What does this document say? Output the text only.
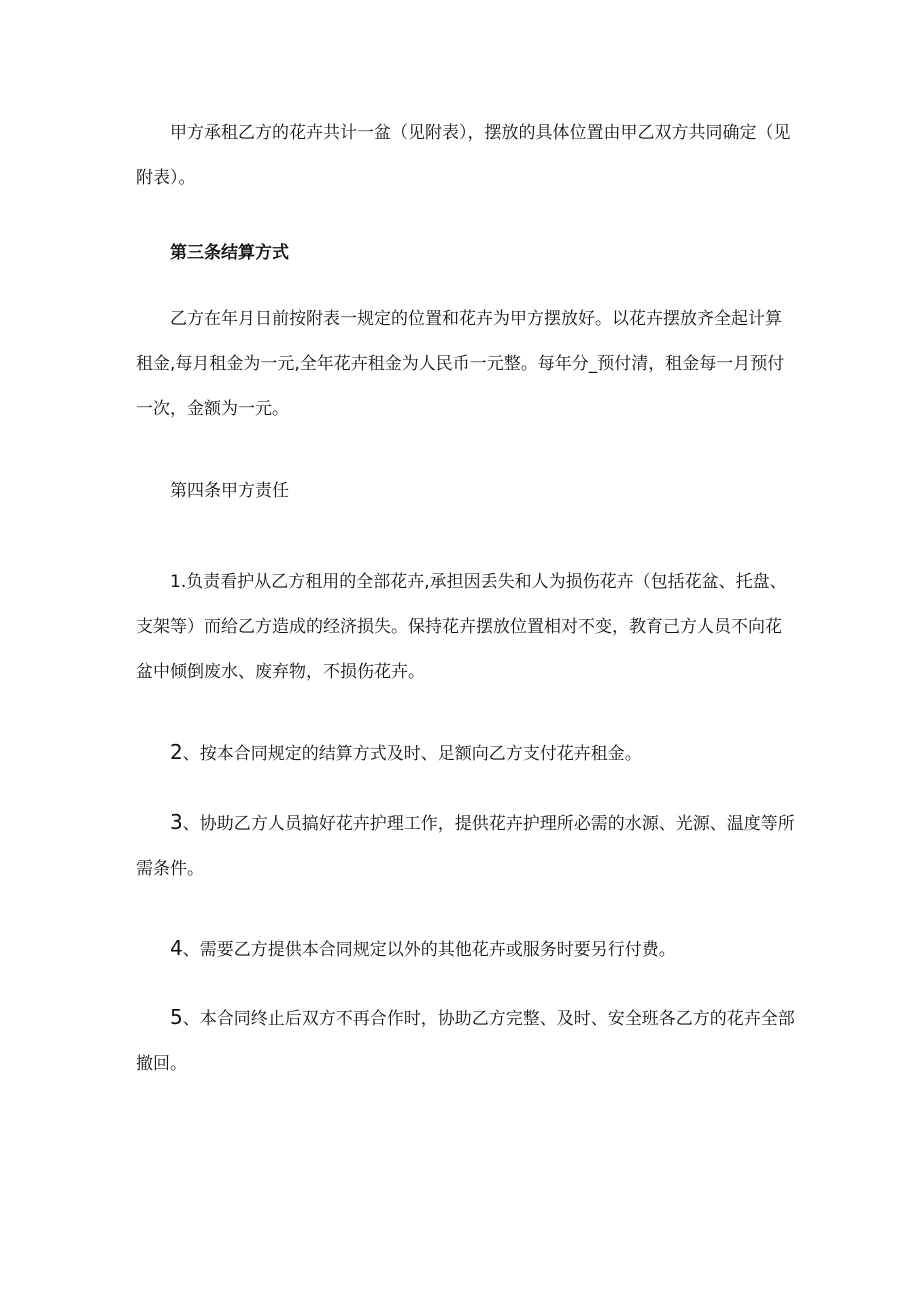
甲方承租乙方的花卉共计一盆（见附表），摆放的具体位置由甲乙双方共同确定（见附表）。
第三条结算方式
乙方在年月日前按附表一规定的位置和花卉为甲方摆放好。以花卉摆放齐全起计算租金,每月租金为一元,全年花卉租金为人民币一元整。每年分_预付清，租金每一月预付一次，金额为一元。
第四条甲方责任
1.负责看护从乙方租用的全部花卉,承担因丢失和人为损伤花卉（包括花盆、托盘、支架等）而给乙方造成的经济损失。保持花卉摆放位置相对不变，教育己方人员不向花盆中倾倒废水、废弃物，不损伤花卉。
2、按本合同规定的结算方式及时、足额向乙方支付花卉租金。
3、协助乙方人员搞好花卉护理工作，提供花卉护理所必需的水源、光源、温度等所需条件。
4、需要乙方提供本合同规定以外的其他花卉或服务时要另行付费。
5、本合同终止后双方不再合作时，协助乙方完整、及时、安全班各乙方的花卉全部撤回。
